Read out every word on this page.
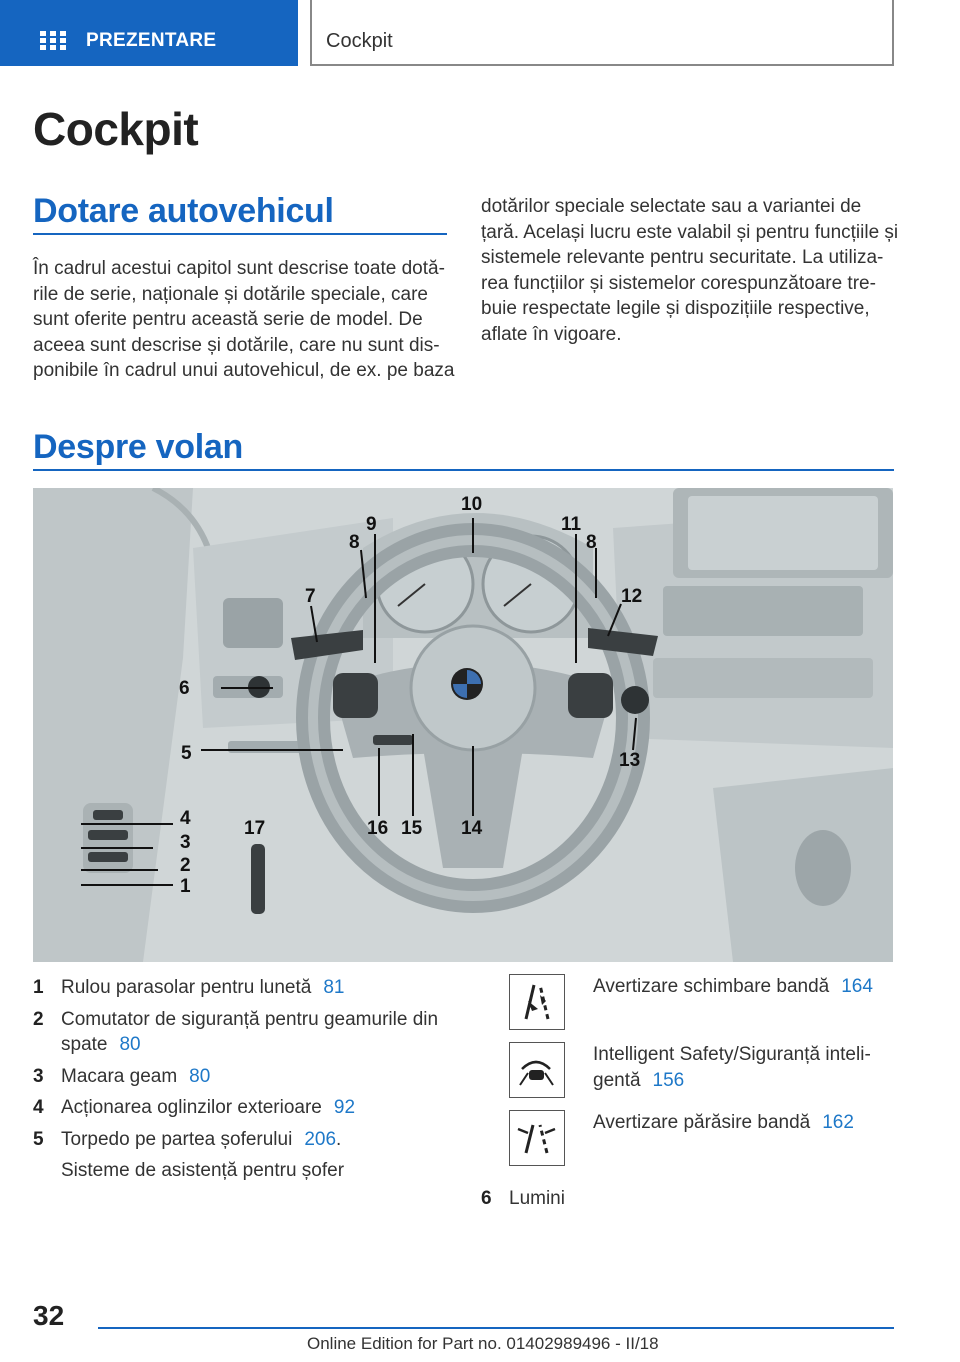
PREZENTARE	Cockpit
Cockpit
Dotare autovehicul
În cadrul acestui capitol sunt descrise toate dotă‐
rile de serie, naționale și dotările speciale, care
sunt oferite pentru această serie de model. De
aceea sunt descrise și dotările, care nu sunt dis‐
ponibile în cadrul unui autovehicul, de ex. pe baza
dotărilor speciale selectate sau a variantei de
țară. Același lucru este valabil și pentru funcțiile și
sistemele relevante pentru securitate. La utiliza‐
rea funcțiilor și sistemelor corespunzătoare tre‐
buie respectate legile și dispozițiile respective,
aflate în vigoare.
Despre volan
1
2
3
4
5
6
7
8
9
10
11
8
12
13
14
15
16
17
1 Rulou parasolar pentru lunetă 81
2 Comutator de siguranță pentru geamurile din spate 80
3 Macara geam 80
4 Acționarea oglinzilor exterioare 92
5 Torpedo pe partea șoferului 206.
Sisteme de asistență pentru șofer
Avertizare schimbare bandă 164
Intelligent Safety/Siguranță inteli‐gentă 156
Avertizare părăsire bandă 162
6 Lumini
32
Online Edition for Part no. 01402989496 - II/18
